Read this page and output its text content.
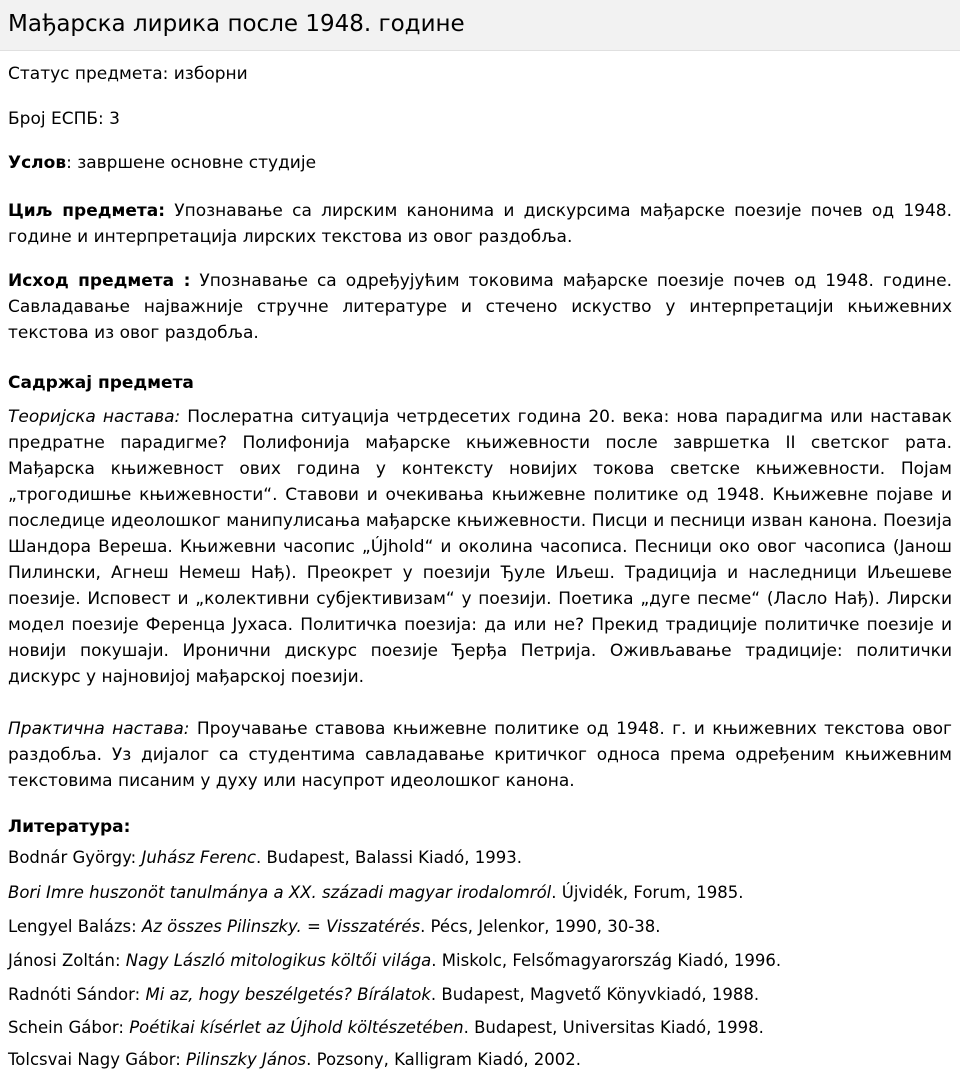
Мађарска лирика после 1948. године

Статус предмета: изборни

Број ЕСПБ: 3

Услов: завршене основне студије

Циљ предмета: Упознавање са лирским канонима и дискурсима мађарске поезије почев од 1948. године и интерпретација лирских текстова из овог раздобља.

Исход предмета : Упознавање са одређујућим токовима мађарске поезије почев од 1948. године. Савладавање најважније стручне литературе и стечено искуство у интерпретацији књижевних текстова из овог раздобља.

Садржај предмета

Теоријска настава: Послератна ситуација четрдесетих година 20. века: нова парадигма или наставак предратне парадигме? Полифонија мађарске књижевности после завршетка II светског рата. Мађарска књижевност ових година у контексту новијих токова светске књижевности. Појам „трогодишње књижевности“. Ставови и очекивања књижевне политике од 1948. Књижевне појаве и последице идеолошког манипулисања мађарске књижевности. Писци и песници изван канона. Поезија Шандора Вереша. Књижевни часопис „Újhold“ и околина часописа. Песници око овог часописа (Јанош Пилински, Агнеш Немеш Нађ). Преокрет у поезији Ђуле Иљеш. Традиција и наследници Иљешеве поезије. Исповест и „колективни субјективизам“ у поезији. Поетика „дуге песме“ (Ласло Нађ). Лирски модел поезије Ференца Јухаса. Политичка поезија: да или не? Прекид традиције политичке поезије и новији покушаји. Иронични дискурс поезије Ђерђа Петрија. Оживљавање традиције: политички дискурс у најновијој мађарској поезији.

Практична настава: Проучавање ставова књижевне политике од 1948. г. и књижевних текстова овог раздобља. Уз дијалог са студентима савладавање критичког односа према одређеним књижевним текстовима писаним у духу или насупрот идеолошког канона.

Литература:

Bodnár György: Juhász Ferenc. Budapest, Balassi Kiadó, 1993.

Bori Imre huszonöt tanulmánya a XX. századi magyar irodalomról. Újvidék, Forum, 1985.

Lengyel Balázs: Az összes Pilinszky. = Visszatérés. Pécs, Jelenkor, 1990, 30-38.

Jánosi Zoltán: Nagy László mitologikus költői világa. Miskolc, Felsőmagyarország Kiadó, 1996.

Radnóti Sándor: Mi az, hogy beszélgetés? Bírálatok. Budapest, Magvető Könyvkiadó, 1988.

Schein Gábor: Poétikai kísérlet az Újhold költészetében. Budapest, Universitas Kiadó, 1998.

Tolcsvai Nagy Gábor: Pilinszky János. Pozsony, Kalligram Kiadó, 2002.
